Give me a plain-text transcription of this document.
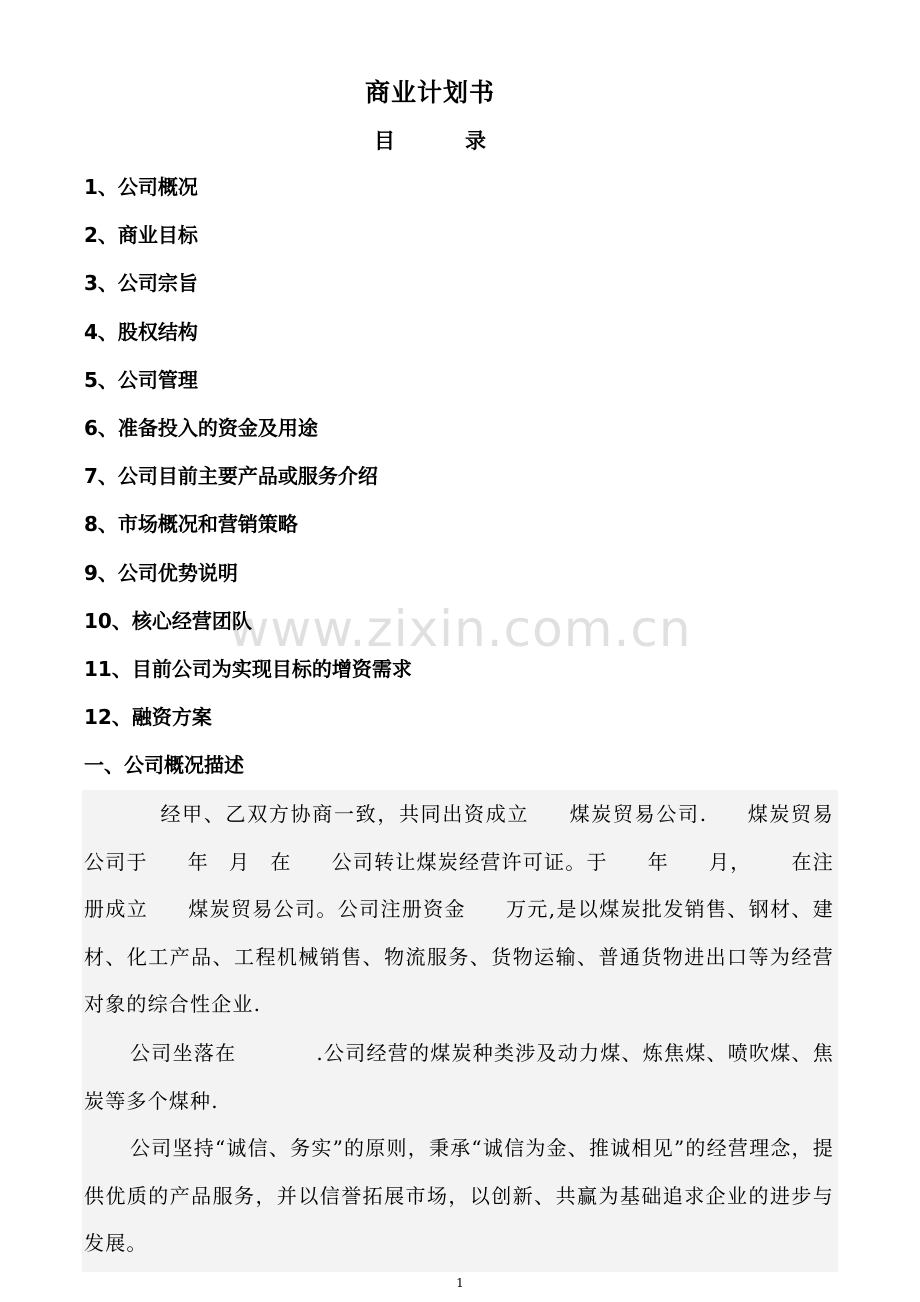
商业计划书
目	录
1、公司概况
2、商业目标
3、公司宗旨
4、股权结构
5、公司管理
6、准备投入的资金及用途
7、公司目前主要产品或服务介绍
8、市场概况和营销策略
9、公司优势说明
10、核心经营团队
11、目前公司为实现目标的增资需求
12、融资方案
一、公司概况描述
经甲、乙双方协商一致，共同出资成立 煤炭贸易公司. 煤炭贸易公司于 年 月 在 公司转让煤炭经营许可证。于 年 月， 在注册成立 煤炭贸易公司。公司注册资金 万元,是以煤炭批发销售、钢材、建材、化工产品、工程机械销售、物流服务、货物运输、普通货物进出口等为经营对象的综合性企业.
公司坐落在	.公司经营的煤炭种类涉及动力煤、炼焦煤、喷吹煤、焦炭等多个煤种.
公司坚持“诚信、务实”的原则，秉承“诚信为金、推诚相见”的经营理念，提供优质的产品服务，并以信誉拓展市场，以创新、共赢为基础追求企业的进步与发展。
www.zixin.com.cn
1
